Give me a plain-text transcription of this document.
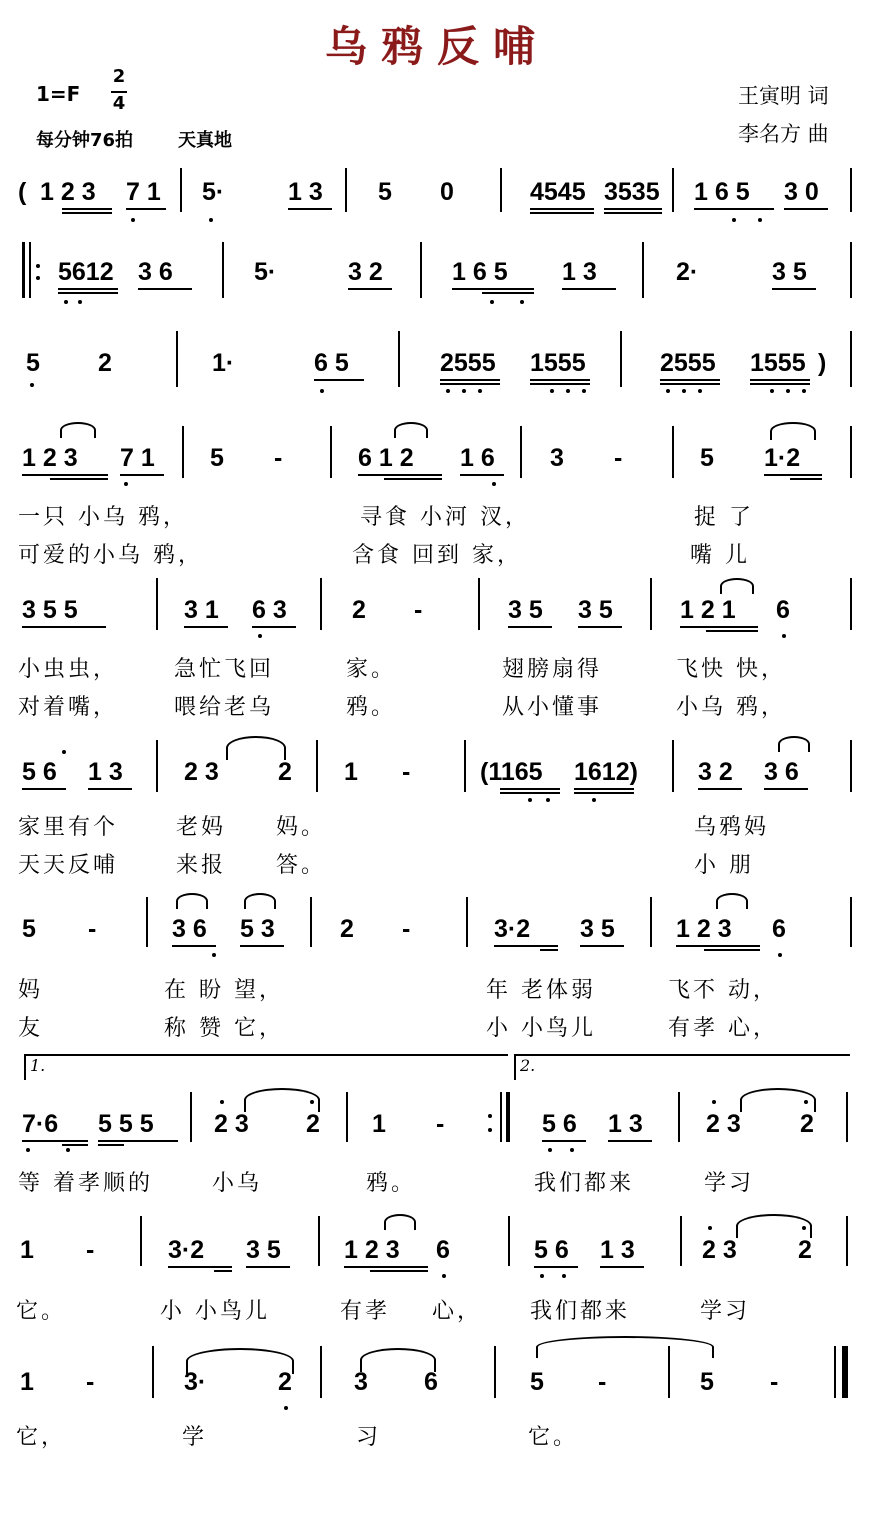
乌鸦反哺
1=F
2
4
每分钟76拍 天真地
王寅明 词
李名方 曲
( 1 2 3 7 1 5·	1 3 5 0	4545 3535 1 6 5 3 0
5612 3 6	5·	3 2	1 6 5 1 3	2·	3 5
5 2	1·	6 5	2555 1555	2555 1555 )
1 2 3 7 1 5 -	6 1 2 1 6 3 -	5 1·2
一只 小乌 鸦，	寻食 小河 汊，	捉 了
可爱的小乌 鸦，	含食 回到 家，	嘴 儿
3 5 5	3 1 6 3	2 -	3 5 3 5	1 2 1 6
小虫虫，	急忙飞回	家。	翅膀扇得	飞快 快，
对着嘴，	喂给老乌	鸦。	从小懂事	小乌 鸦，
5 6 1 3 2 3 2 1 -	(1165 1612) 3 2 3 6
家里有个	老妈 妈。	乌鸦妈
天天反哺	来报 答。	小 朋
5 -	3 6 5 3	2 -	3·2 3 5 1 2 3 6
妈	在 盼 望，	年 老体弱	飞不 动，
友	称 赞 它，	小 小鸟儿	有孝 心，
1.	2.
7·6 5 5 5 2 3 2 1 -	5 6 1 3	2 3 2
等 着孝顺的	小乌	鸦。	我们都来	学习
1 -	3·2 3 5	1 2 3 6	5 6 1 3	2 3 2
它。	小 小鸟儿	有孝 心， 我们都来	学习
1 -	3·	2 3 6	5 -	5 -
它，	学	习	它。
